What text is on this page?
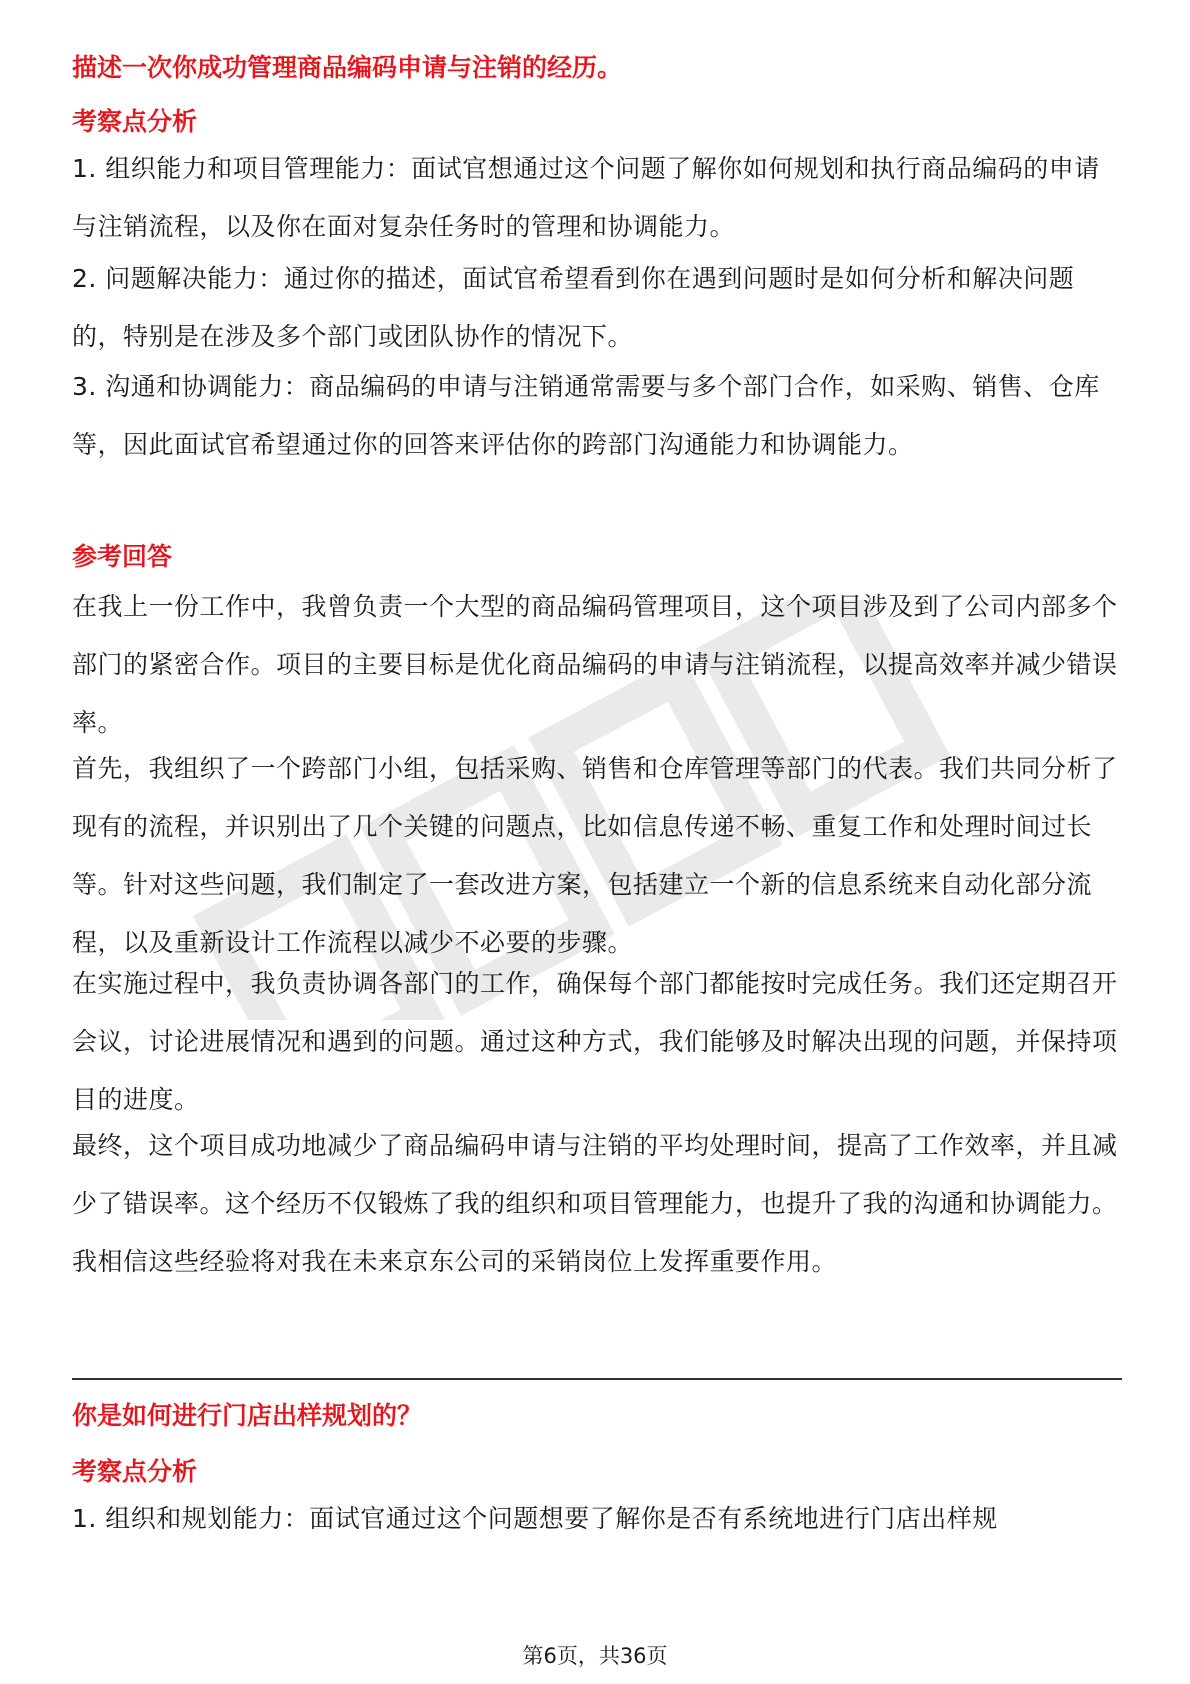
描述一次你成功管理商品编码申请与注销的经历。

考察点分析

1. 组织能力和项目管理能力：面试官想通过这个问题了解你如何规划和执行商品编码的申请与注销流程，以及你在面对复杂任务时的管理和协调能力。

2. 问题解决能力：通过你的描述，面试官希望看到你在遇到问题时是如何分析和解决问题的，特别是在涉及多个部门或团队协作的情况下。

3. 沟通和协调能力：商品编码的申请与注销通常需要与多个部门合作，如采购、销售、仓库等，因此面试官希望通过你的回答来评估你的跨部门沟通能力和协调能力。

参考回答

在我上一份工作中，我曾负责一个大型的商品编码管理项目，这个项目涉及到了公司内部多个部门的紧密合作。项目的主要目标是优化商品编码的申请与注销流程，以提高效率并减少错误率。

首先，我组织了一个跨部门小组，包括采购、销售和仓库管理等部门的代表。我们共同分析了现有的流程，并识别出了几个关键的问题点，比如信息传递不畅、重复工作和处理时间过长等。针对这些问题，我们制定了一套改进方案，包括建立一个新的信息系统来自动化部分流程，以及重新设计工作流程以减少不必要的步骤。

在实施过程中，我负责协调各部门的工作，确保每个部门都能按时完成任务。我们还定期召开会议，讨论进展情况和遇到的问题。通过这种方式，我们能够及时解决出现的问题，并保持项目的进度。

最终，这个项目成功地减少了商品编码申请与注销的平均处理时间，提高了工作效率，并且减少了错误率。这个经历不仅锻炼了我的组织和项目管理能力，也提升了我的沟通和协调能力。我相信这些经验将对我在未来京东公司的采销岗位上发挥重要作用。

你是如何进行门店出样规划的？

考察点分析

1. 组织和规划能力：面试官通过这个问题想要了解你是否有系统地进行门店出样规

第6页，共36页
